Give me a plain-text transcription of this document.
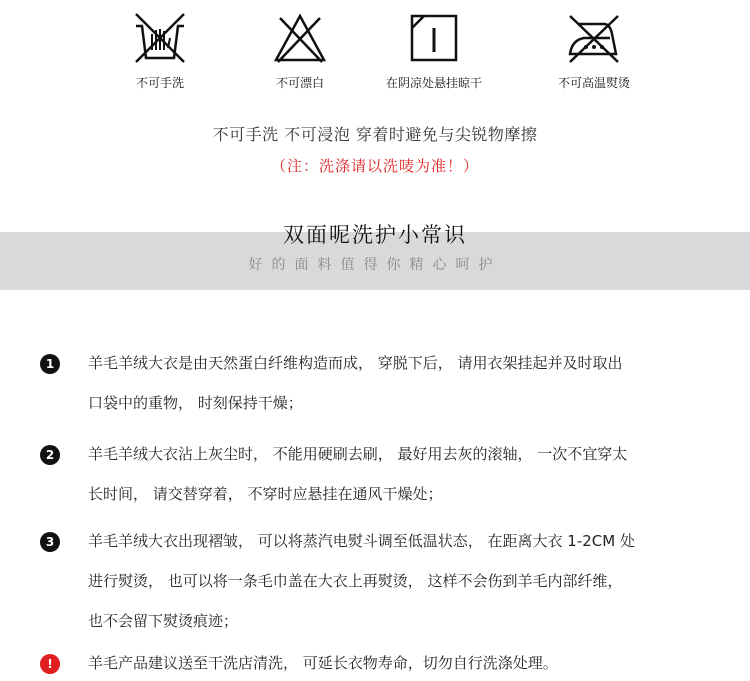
不可手洗	不可漂白	在阴凉处悬挂晾干	不可高温熨烫
不可手洗 不可浸泡 穿着时避免与尖锐物摩擦
（注：洗涤请以洗唛为准！）
双面呢洗护小常识
好的面料值得你精心呵护
1	羊毛羊绒大衣是由天然蛋白纤维构造而成， 穿脱下后， 请用衣架挂起并及时取出
口袋中的重物， 时刻保持干燥；
2	羊毛羊绒大衣沾上灰尘时， 不能用硬刷去刷， 最好用去灰的滚轴， 一次不宜穿太
长时间， 请交替穿着， 不穿时应悬挂在通风干燥处；
3	羊毛羊绒大衣出现褶皱， 可以将蒸汽电熨斗调至低温状态， 在距离大衣 1-2CM 处
进行熨烫， 也可以将一条毛巾盖在大衣上再熨烫， 这样不会伤到羊毛内部纤维，
也不会留下熨烫痕迹；
!	羊毛产品建议送至干洗店清洗， 可延长衣物寿命，切勿自行洗涤处理。
